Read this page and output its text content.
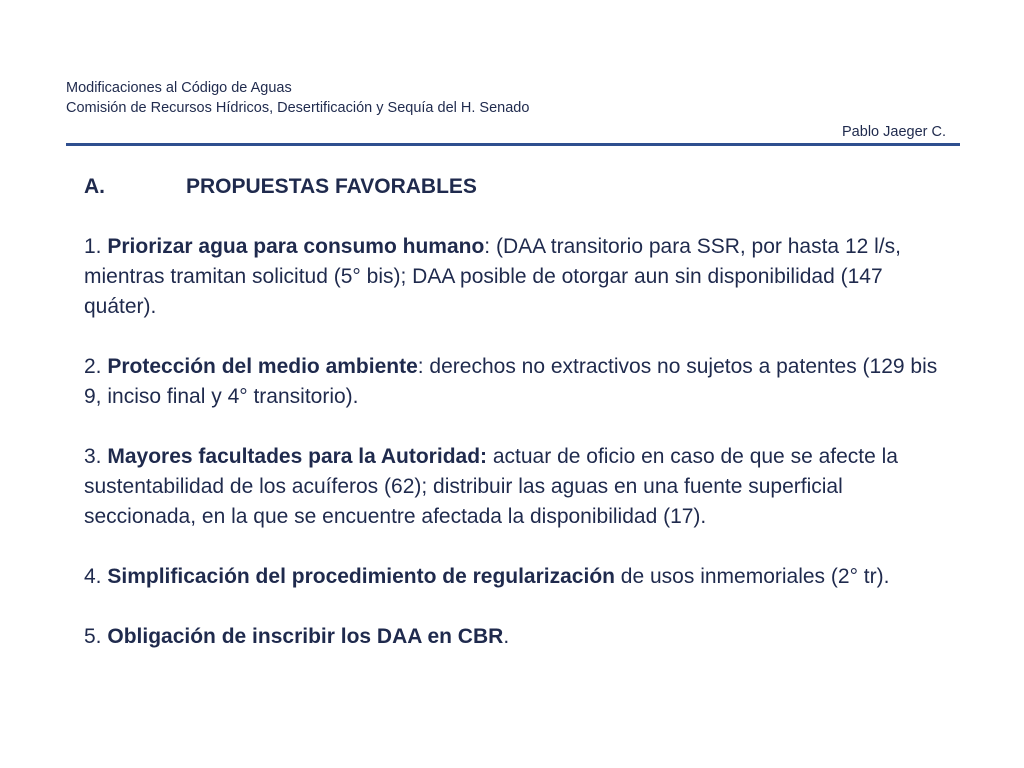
Modificaciones al Código de Aguas
Comisión de Recursos Hídricos, Desertificación y Sequía del H. Senado
Pablo Jaeger C.
A.	PROPUESTAS FAVORABLES
1. Priorizar agua para consumo humano: (DAA transitorio para SSR, por hasta 12 l/s, mientras tramitan solicitud (5° bis); DAA posible de otorgar aun sin disponibilidad (147 quáter).
2. Protección del medio ambiente: derechos no extractivos no sujetos a patentes (129 bis 9, inciso final y 4° transitorio).
3. Mayores facultades para la Autoridad: actuar de oficio en caso de que se afecte la sustentabilidad de los acuíferos (62); distribuir las aguas en una fuente superficial seccionada, en la que se encuentre afectada la disponibilidad (17).
4. Simplificación del procedimiento de regularización de usos inmemoriales (2° tr).
5. Obligación de inscribir los DAA en CBR.
